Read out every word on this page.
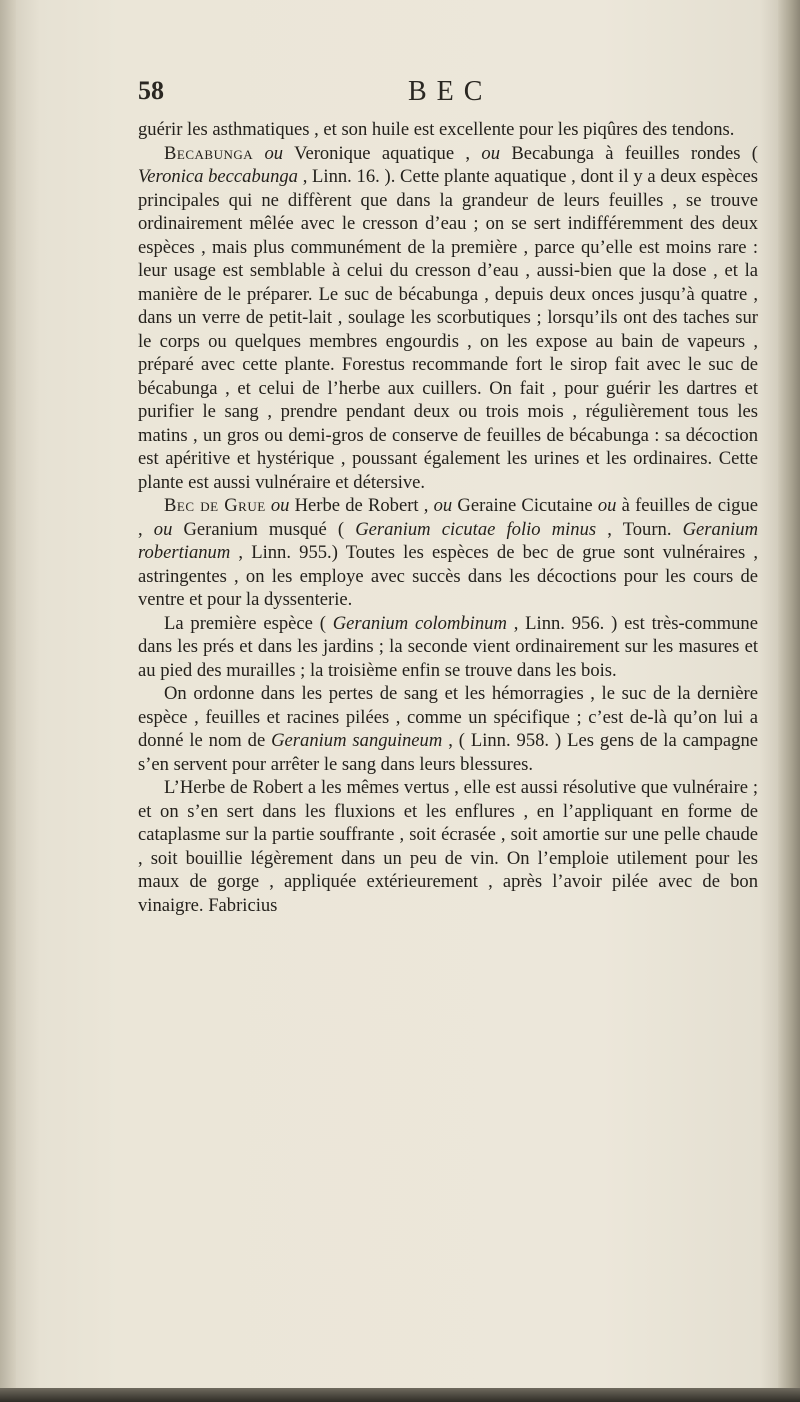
58	BEC

guérir les asthmatiques , et son huile est excellente pour les piqûres des tendons.

Becabunga ou Veronique aquatique , ou Becabunga à feuilles rondes ( Veronica beccabunga , Linn. 16. ). Cette plante aquatique , dont il y a deux espèces principales qui ne diffèrent que dans la grandeur de leurs feuilles , se trouve ordinairement mêlée avec le cresson d’eau ; on se sert indifféremment des deux espèces , mais plus communément de la première , parce qu’elle est moins rare : leur usage est semblable à celui du cresson d’eau , aussi-bien que la dose , et la manière de le préparer. Le suc de bécabunga , depuis deux onces jusqu’à quatre , dans un verre de petit-lait , soulage les scorbutiques ; lorsqu’ils ont des taches sur le corps ou quelques membres engourdis , on les expose au bain de vapeurs , préparé avec cette plante. Forestus recommande fort le sirop fait avec le suc de bécabunga , et celui de l’herbe aux cuillers. On fait , pour guérir les dartres et purifier le sang , prendre pendant deux ou trois mois , régulièrement tous les matins , un gros ou demi-gros de conserve de feuilles de bécabunga : sa décoction est apéritive et hystérique , poussant également les urines et les ordinaires. Cette plante est aussi vulnéraire et détersive.

Bec de Grue ou Herbe de Robert , ou Geraine Cicutaine ou à feuilles de cigue , ou Geranium musqué ( Geranium cicutae folio minus , Tourn. Geranium robertianum , Linn. 955.) Toutes les espèces de bec de grue sont vulnéraires , astringentes , on les employe avec succès dans les décoctions pour les cours de ventre et pour la dyssenterie.

La première espèce ( Geranium colombinum , Linn. 956. ) est très-commune dans les prés et dans les jardins ; la seconde vient ordinairement sur les masures et au pied des murailles ; la troisième enfin se trouve dans les bois.

On ordonne dans les pertes de sang et les hémorragies , le suc de la dernière espèce , feuilles et racines pilées , comme un spécifique ; c’est de-là qu’on lui a donné le nom de Geranium sanguineum , ( Linn. 958. ) Les gens de la campagne s’en servent pour arrêter le sang dans leurs blessures.

L’Herbe de Robert a les mêmes vertus , elle est aussi résolutive que vulnéraire ; et on s’en sert dans les fluxions et les enflures , en l’appliquant en forme de cataplasme sur la partie souffrante , soit écrasée , soit amortie sur une pelle chaude , soit bouillie légèrement dans un peu de vin. On l’emploie utilement pour les maux de gorge , appliquée extérieurement , après l’avoir pilée avec de bon vinaigre. Fabricius
